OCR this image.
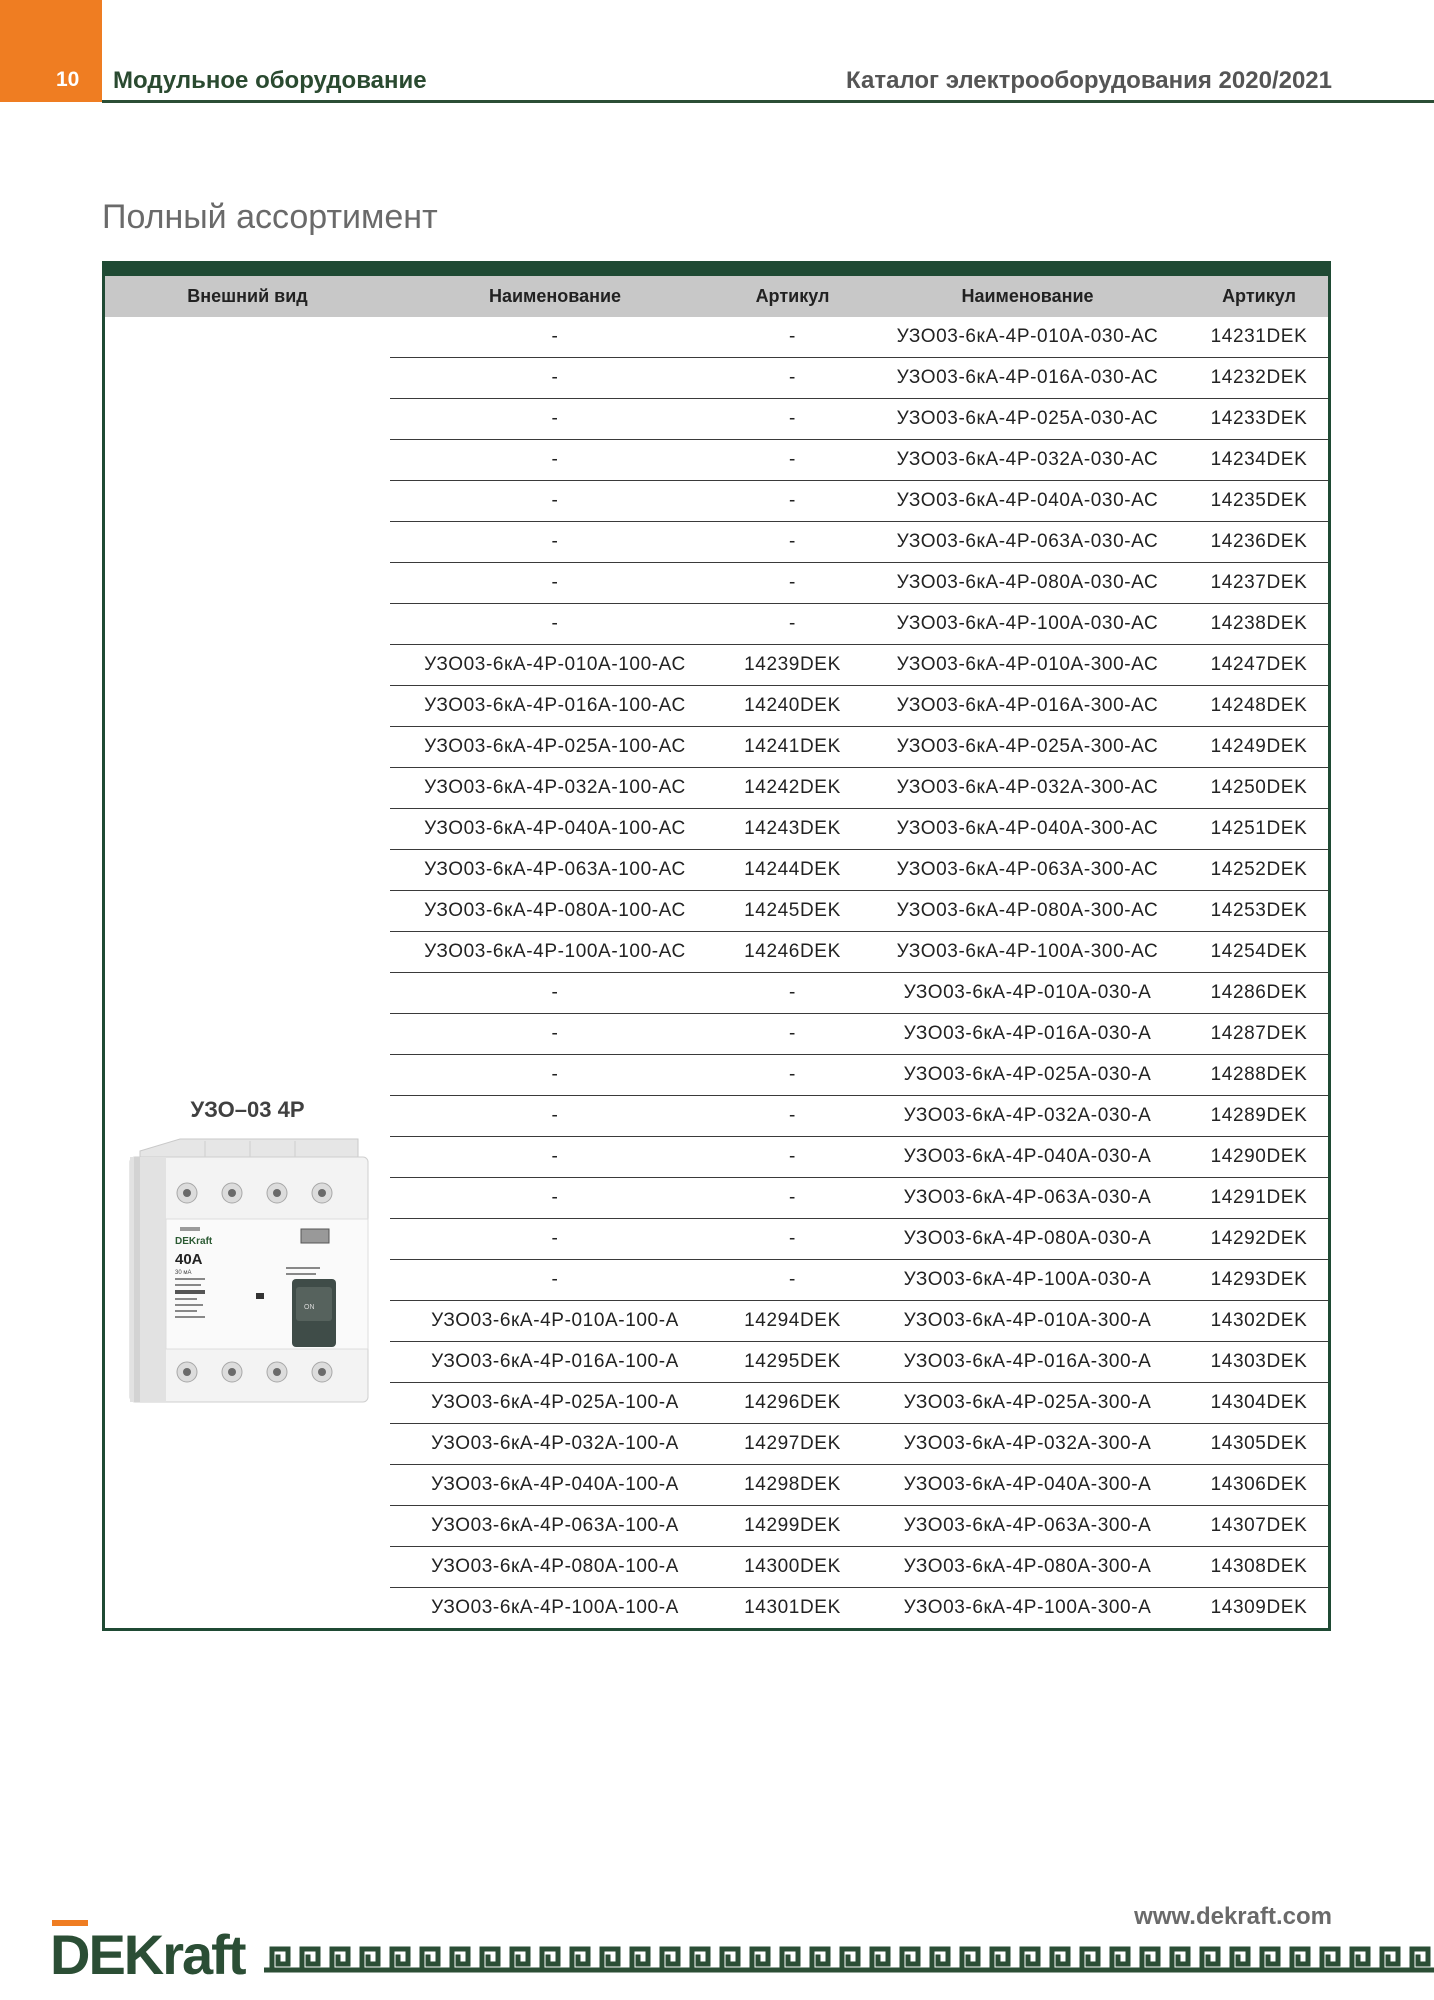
10 Модульное оборудование	Каталог электрооборудования 2020/2021
Полный ассортимент
Внешний вид	Наименование	Артикул	Наименование	Артикул
УЗО–03 4Р
DEKraft
40A
30 мА
ON
-	-	УЗО03-6кА-4Р-010А-030-АС	14231DEK
-	-	УЗО03-6кА-4Р-016А-030-АС	14232DEK
-	-	УЗО03-6кА-4Р-025А-030-АС	14233DEK
-	-	УЗО03-6кА-4Р-032А-030-АС	14234DEK
-	-	УЗО03-6кА-4Р-040А-030-АС	14235DEK
-	-	УЗО03-6кА-4Р-063А-030-АС	14236DEK
-	-	УЗО03-6кА-4Р-080А-030-АС	14237DEK
-	-	УЗО03-6кА-4Р-100А-030-АС	14238DEK
УЗО03-6кА-4Р-010А-100-АС	14239DEK	УЗО03-6кА-4Р-010А-300-АС	14247DEK
УЗО03-6кА-4Р-016А-100-АС	14240DEK	УЗО03-6кА-4Р-016А-300-АС	14248DEK
УЗО03-6кА-4Р-025А-100-АС	14241DEK	УЗО03-6кА-4Р-025А-300-АС	14249DEK
УЗО03-6кА-4Р-032А-100-АС	14242DEK	УЗО03-6кА-4Р-032А-300-АС	14250DEK
УЗО03-6кА-4Р-040А-100-АС	14243DEK	УЗО03-6кА-4Р-040А-300-АС	14251DEK
УЗО03-6кА-4Р-063А-100-АС	14244DEK	УЗО03-6кА-4Р-063А-300-АС	14252DEK
УЗО03-6кА-4Р-080А-100-АС	14245DEK	УЗО03-6кА-4Р-080А-300-АС	14253DEK
УЗО03-6кА-4Р-100А-100-АС	14246DEK	УЗО03-6кА-4Р-100А-300-АС	14254DEK
-	-	УЗО03-6кА-4Р-010А-030-А	14286DEK
-	-	УЗО03-6кА-4Р-016А-030-А	14287DEK
-	-	УЗО03-6кА-4Р-025А-030-А	14288DEK
-	-	УЗО03-6кА-4Р-032А-030-А	14289DEK
-	-	УЗО03-6кА-4Р-040А-030-А	14290DEK
-	-	УЗО03-6кА-4Р-063А-030-А	14291DEK
-	-	УЗО03-6кА-4Р-080А-030-А	14292DEK
-	-	УЗО03-6кА-4Р-100А-030-А	14293DEK
УЗО03-6кА-4Р-010А-100-А	14294DEK	УЗО03-6кА-4Р-010А-300-А	14302DEK
УЗО03-6кА-4Р-016А-100-А	14295DEK	УЗО03-6кА-4Р-016А-300-А	14303DEK
УЗО03-6кА-4Р-025А-100-А	14296DEK	УЗО03-6кА-4Р-025А-300-А	14304DEK
УЗО03-6кА-4Р-032А-100-А	14297DEK	УЗО03-6кА-4Р-032А-300-А	14305DEK
УЗО03-6кА-4Р-040А-100-А	14298DEK	УЗО03-6кА-4Р-040А-300-А	14306DEK
УЗО03-6кА-4Р-063А-100-А	14299DEK	УЗО03-6кА-4Р-063А-300-А	14307DEK
УЗО03-6кА-4Р-080А-100-А	14300DEK	УЗО03-6кА-4Р-080А-300-А	14308DEK
УЗО03-6кА-4Р-100А-100-А	14301DEK	УЗО03-6кА-4Р-100А-300-А	14309DEK
www.dekraft.com
DEKraft
